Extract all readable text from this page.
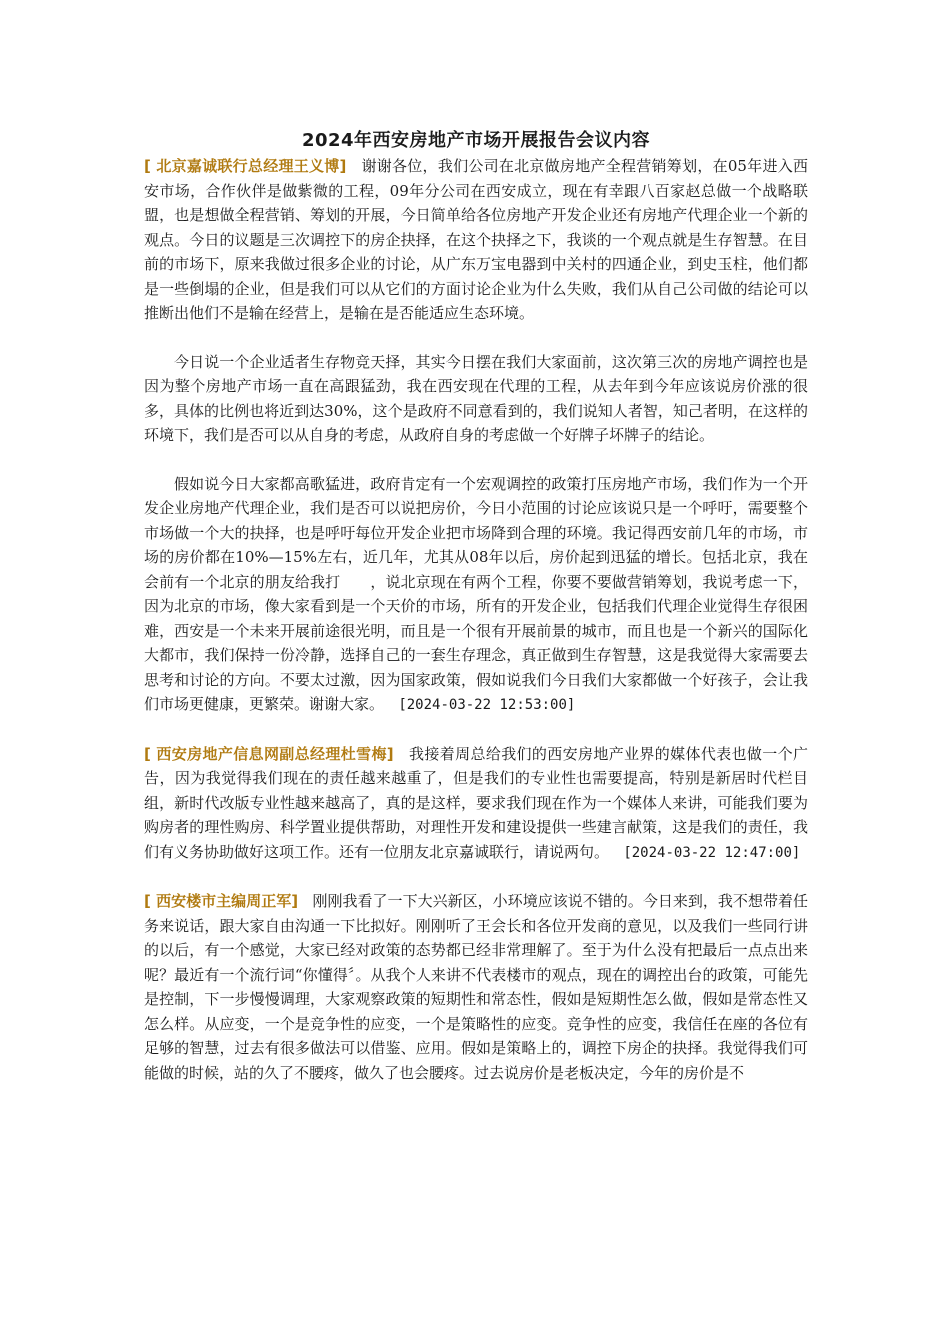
2024年西安房地产市场开展报告会议内容

[ 北京嘉诚联行总经理王义博] 谢谢各位，我们公司在北京做房地产全程营销筹划，在05年进入西安市场，合作伙伴是做紫微的工程，09年分公司在西安成立，现在有幸跟八百家赵总做一个战略联盟，也是想做全程营销、筹划的开展，今日简单给各位房地产开发企业还有房地产代理企业一个新的观点。今日的议题是三次调控下的房企抉择，在这个抉择之下，我谈的一个观点就是生存智慧。在目前的市场下，原来我做过很多企业的讨论，从广东万宝电器到中关村的四通企业，到史玉柱，他们都是一些倒塌的企业，但是我们可以从它们的方面讨论企业为什么失败，我们从自己公司做的结论可以推断出他们不是输在经营上，是输在是否能适应生态环境。

今日说一个企业适者生存物竞天择，其实今日摆在我们大家面前，这次第三次的房地产调控也是因为整个房地产市场一直在高跟猛劲，我在西安现在代理的工程，从去年到今年应该说房价涨的很多，具体的比例也将近到达30%，这个是政府不同意看到的，我们说知人者智，知己者明，在这样的环境下，我们是否可以从自身的考虑，从政府自身的考虑做一个好牌子坏牌子的结论。

假如说今日大家都高歌猛进，政府肯定有一个宏观调控的政策打压房地产市场，我们作为一个开发企业房地产代理企业，我们是否可以说把房价，今日小范围的讨论应该说只是一个呼吁，需要整个市场做一个大的抉择，也是呼吁每位开发企业把市场降到合理的环境。我记得西安前几年的市场，市场的房价都在10%—15%左右，近几年，尤其从08年以后，房价起到迅猛的增长。包括北京，我在会前有一个北京的朋友给我打　　，说北京现在有两个工程，你要不要做营销筹划，我说考虑一下，因为北京的市场，像大家看到是一个天价的市场，所有的开发企业，包括我们代理企业觉得生存很困难，西安是一个未来开展前途很光明，而且是一个很有开展前景的城市，而且也是一个新兴的国际化大都市，我们保持一份冷静，选择自己的一套生存理念，真正做到生存智慧，这是我觉得大家需要去思考和讨论的方向。不要太过激，因为国家政策，假如说我们今日我们大家都做一个好孩子，会让我们市场更健康，更繁荣。谢谢大家。 [2024-03-22 12:53:00]

[ 西安房地产信息网副总经理杜雪梅] 我接着周总给我们的西安房地产业界的媒体代表也做一个广告，因为我觉得我们现在的责任越来越重了，但是我们的专业性也需要提高，特别是新居时代栏目组，新时代改版专业性越来越高了，真的是这样，要求我们现在作为一个媒体人来讲，可能我们要为购房者的理性购房、科学置业提供帮助，对理性开发和建设提供一些建言献策，这是我们的责任，我们有义务协助做好这项工作。还有一位朋友北京嘉诚联行，请说两句。 [2024-03-22 12:47:00]

[ 西安楼市主编周正军] 刚刚我看了一下大兴新区，小环境应该说不错的。今日来到，我不想带着任务来说话，跟大家自由沟通一下比拟好。刚刚听了王会长和各位开发商的意见，以及我们一些同行讲的以后，有一个感觉，大家已经对政策的态势都已经非常理解了。至于为什么没有把最后一点点出来呢？最近有一个流行词“你懂得〞。从我个人来讲不代表楼市的观点，现在的调控出台的政策，可能先是控制，下一步慢慢调理，大家观察政策的短期性和常态性，假如是短期性怎么做，假如是常态性又怎么样。从应变，一个是竞争性的应变，一个是策略性的应变。竞争性的应变，我信任在座的各位有足够的智慧，过去有很多做法可以借鉴、应用。假如是策略上的，调控下房企的抉择。我觉得我们可能做的时候，站的久了不腰疼，做久了也会腰疼。过去说房价是老板决定，今年的房价是不
